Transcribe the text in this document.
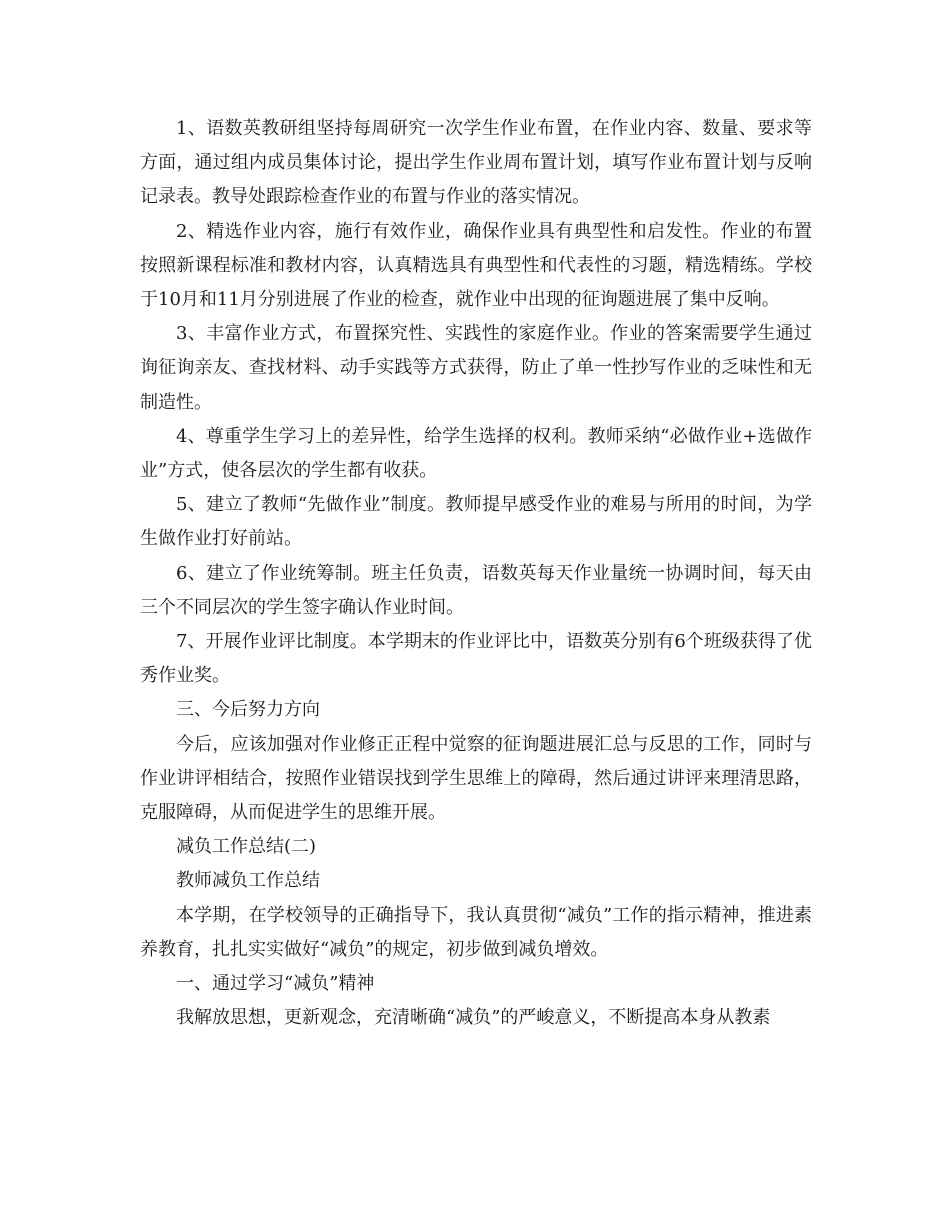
1、语数英教研组坚持每周研究一次学生作业布置，在作业内容、数量、要求等方面，通过组内成员集体讨论，提出学生作业周布置计划，填写作业布置计划与反响记录表。教导处跟踪检查作业的布置与作业的落实情况。

2、精选作业内容，施行有效作业，确保作业具有典型性和启发性。作业的布置按照新课程标准和教材内容，认真精选具有典型性和代表性的习题，精选精练。学校于10月和11月分别进展了作业的检查，就作业中出现的征询题进展了集中反响。

3、丰富作业方式，布置探究性、实践性的家庭作业。作业的答案需要学生通过询征询亲友、查找材料、动手实践等方式获得，防止了单一性抄写作业的乏味性和无制造性。

4、尊重学生学习上的差异性，给学生选择的权利。教师采纳“必做作业+选做作业”方式，使各层次的学生都有收获。

5、建立了教师“先做作业”制度。教师提早感受作业的难易与所用的时间，为学生做作业打好前站。

6、建立了作业统筹制。班主任负责，语数英每天作业量统一协调时间，每天由三个不同层次的学生签字确认作业时间。

7、开展作业评比制度。本学期末的作业评比中，语数英分别有6个班级获得了优秀作业奖。

三、今后努力方向

今后，应该加强对作业修正正程中觉察的征询题进展汇总与反思的工作，同时与作业讲评相结合，按照作业错误找到学生思维上的障碍，然后通过讲评来理清思路，克服障碍，从而促进学生的思维开展。

减负工作总结(二)

教师减负工作总结

本学期，在学校领导的正确指导下，我认真贯彻“减负”工作的指示精神，推进素养教育，扎扎实实做好“减负”的规定，初步做到减负增效。

一、通过学习“减负”精神

我解放思想，更新观念，充清晰确“减负”的严峻意义，不断提高本身从教素
